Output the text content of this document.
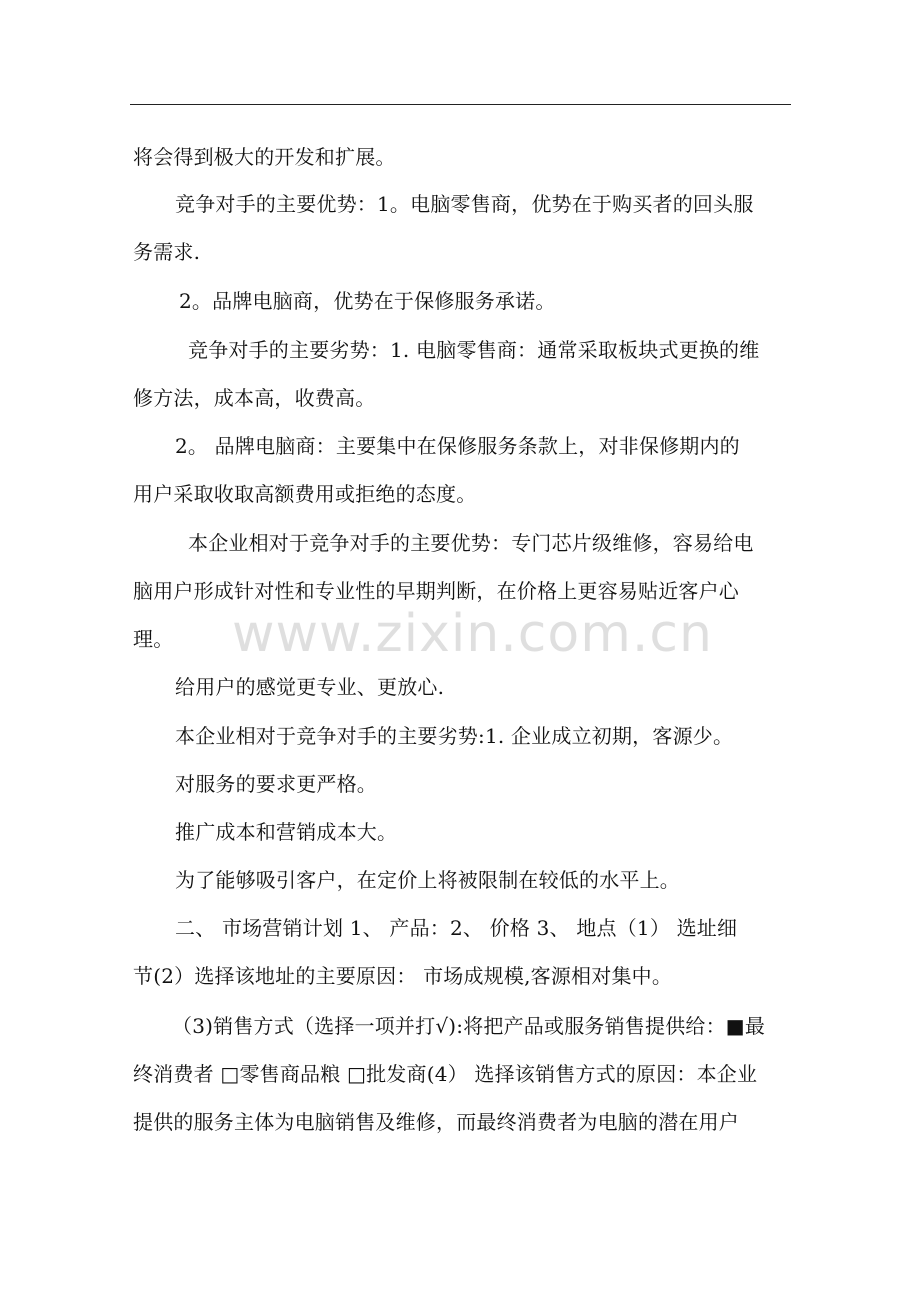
将会得到极大的开发和扩展。
竞争对手的主要优势：1。电脑零售商，优势在于购买者的回头服
务需求.
2。品牌电脑商，优势在于保修服务承诺。
竞争对手的主要劣势：1. 电脑零售商：通常采取板块式更换的维
修方法，成本高，收费高。
2。 品牌电脑商：主要集中在保修服务条款上，对非保修期内的
用户采取收取高额费用或拒绝的态度。
本企业相对于竞争对手的主要优势：专门芯片级维修，容易给电
脑用户形成针对性和专业性的早期判断，在价格上更容易贴近客户心
理。
给用户的感觉更专业、更放心.
本企业相对于竞争对手的主要劣势:1. 企业成立初期，客源少。
对服务的要求更严格。
推广成本和营销成本大。
为了能够吸引客户，在定价上将被限制在较低的水平上。
二、 市场营销计划 1、 产品：2、 价格 3、 地点（1） 选址细
节(2）选择该地址的主要原因： 市场成规模,客源相对集中。
（3)销售方式（选择一项并打√):将把产品或服务销售提供给：■最
终消费者 □零售商品粮 □批发商(4） 选择该销售方式的原因：本企业
提供的服务主体为电脑销售及维修，而最终消费者为电脑的潜在用户
www.zixin.com.cn
